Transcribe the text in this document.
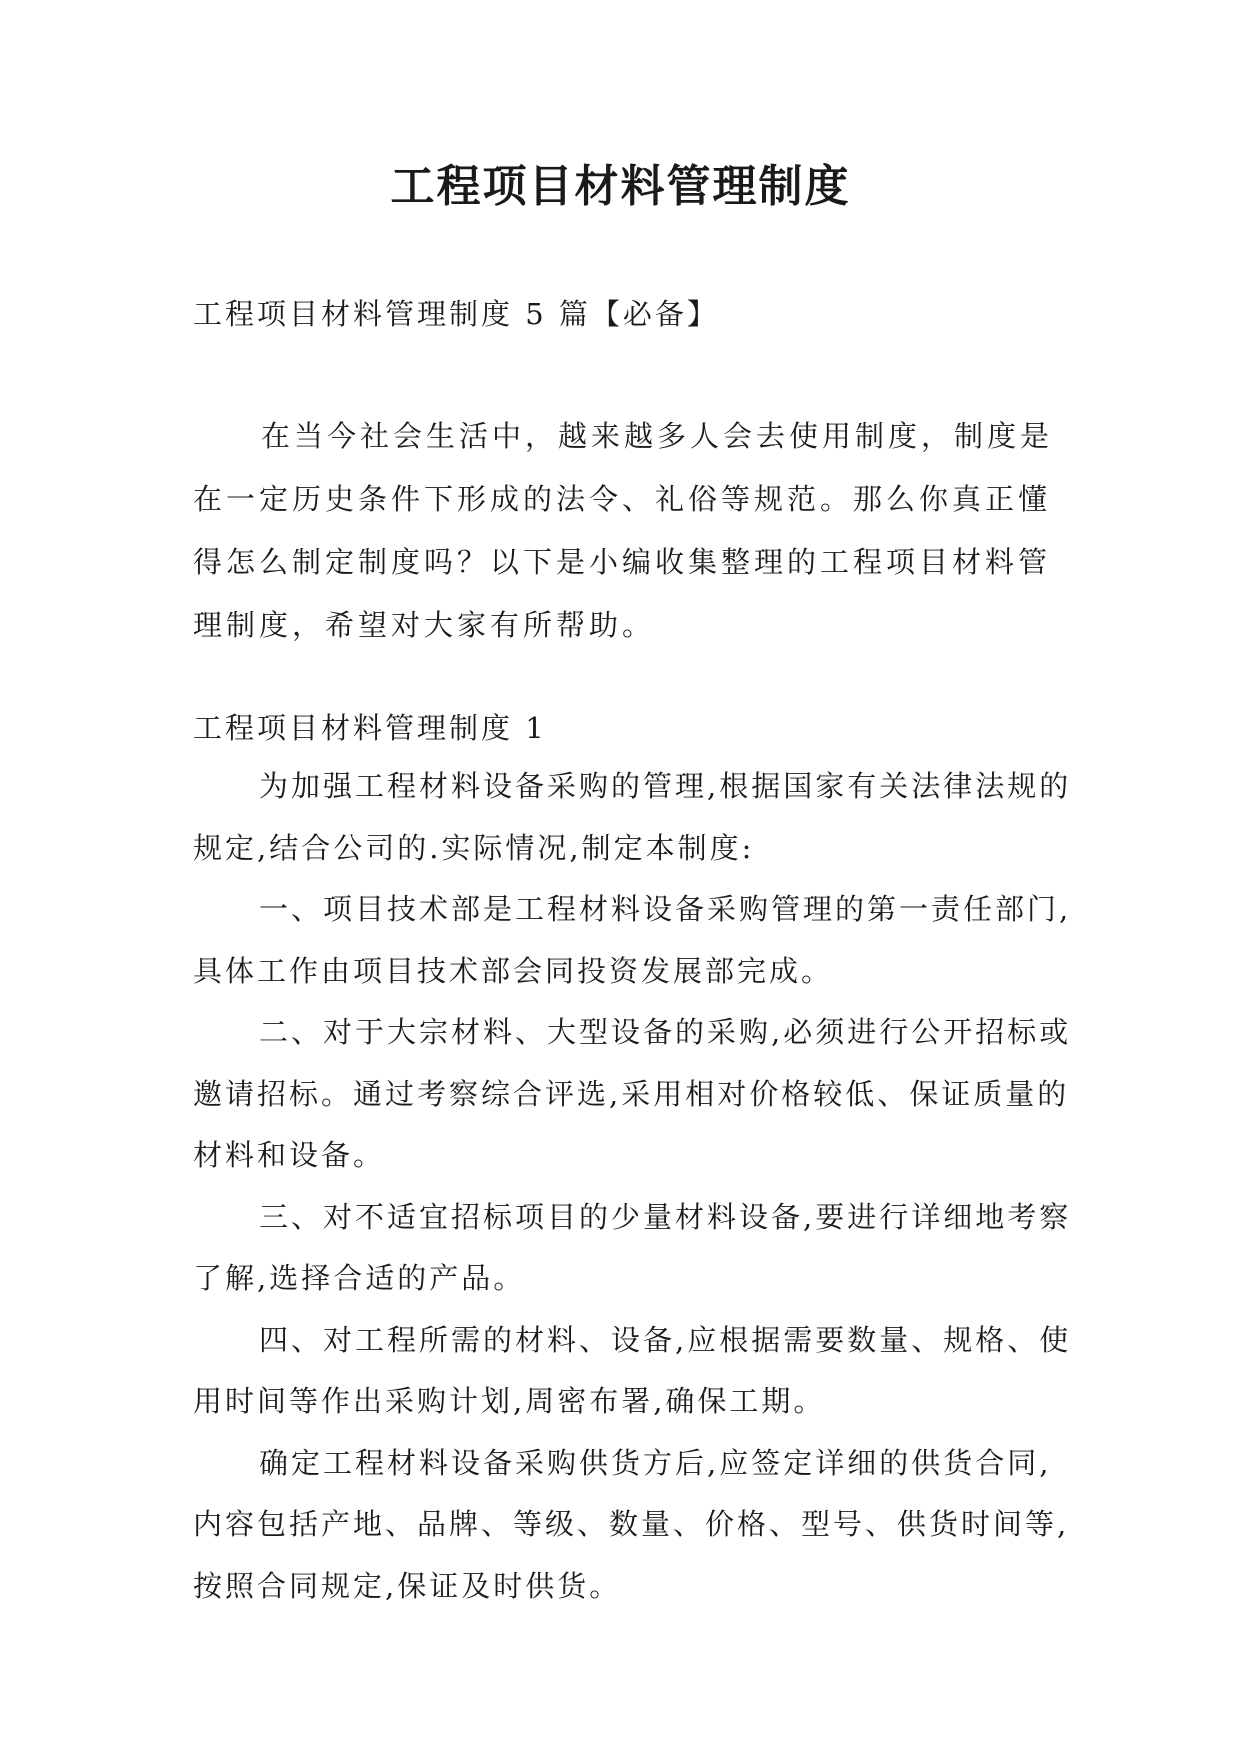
工程项目材料管理制度

工程项目材料管理制度 5 篇【必备】

在当今社会生活中，越来越多人会去使用制度，制度是在一定历史条件下形成的法令、礼俗等规范。那么你真正懂得怎么制定制度吗？以下是小编收集整理的工程项目材料管理制度，希望对大家有所帮助。

工程项目材料管理制度 1

为加强工程材料设备采购的管理,根据国家有关法律法规的规定,结合公司的.实际情况,制定本制度:

一、项目技术部是工程材料设备采购管理的第一责任部门,具体工作由项目技术部会同投资发展部完成。

二、对于大宗材料、大型设备的采购,必须进行公开招标或邀请招标。通过考察综合评选,采用相对价格较低、保证质量的材料和设备。

三、对不适宜招标项目的少量材料设备,要进行详细地考察了解,选择合适的产品。

四、对工程所需的材料、设备,应根据需要数量、规格、使用时间等作出采购计划,周密布署,确保工期。

确定工程材料设备采购供货方后,应签定详细的供货合同,内容包括产地、品牌、等级、数量、价格、型号、供货时间等,按照合同规定,保证及时供货。
